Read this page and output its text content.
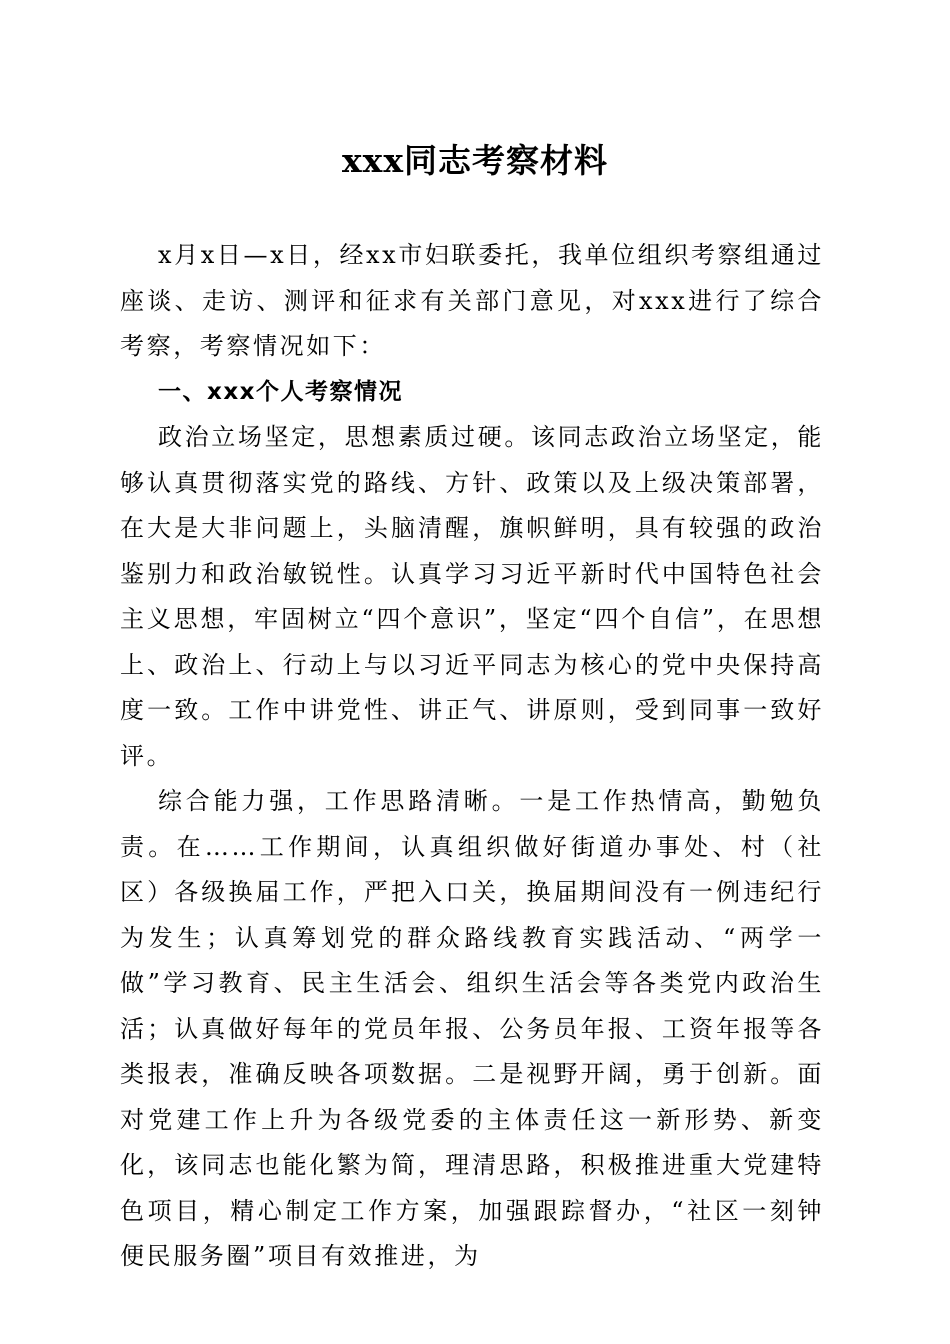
xxx同志考察材料

x月x日—x日，经xx市妇联委托，我单位组织考察组通过座谈、走访、测评和征求有关部门意见，对xxx进行了综合考察，考察情况如下：

一、xxx个人考察情况

政治立场坚定，思想素质过硬。该同志政治立场坚定，能够认真贯彻落实党的路线、方针、政策以及上级决策部署，在大是大非问题上，头脑清醒，旗帜鲜明，具有较强的政治鉴别力和政治敏锐性。认真学习习近平新时代中国特色社会主义思想，牢固树立“四个意识”，坚定“四个自信”，在思想上、政治上、行动上与以习近平同志为核心的党中央保持高度一致。工作中讲党性、讲正气、讲原则，受到同事一致好评。

综合能力强，工作思路清晰。一是工作热情高，勤勉负责。在……工作期间，认真组织做好街道办事处、村（社区）各级换届工作，严把入口关，换届期间没有一例违纪行为发生；认真筹划党的群众路线教育实践活动、“两学一做”学习教育、民主生活会、组织生活会等各类党内政治生活；认真做好每年的党员年报、公务员年报、工资年报等各类报表，准确反映各项数据。二是视野开阔，勇于创新。面对党建工作上升为各级党委的主体责任这一新形势、新变化，该同志也能化繁为简，理清思路，积极推进重大党建特色项目，精心制定工作方案，加强跟踪督办，“社区一刻钟便民服务圈”项目有效推进，为
